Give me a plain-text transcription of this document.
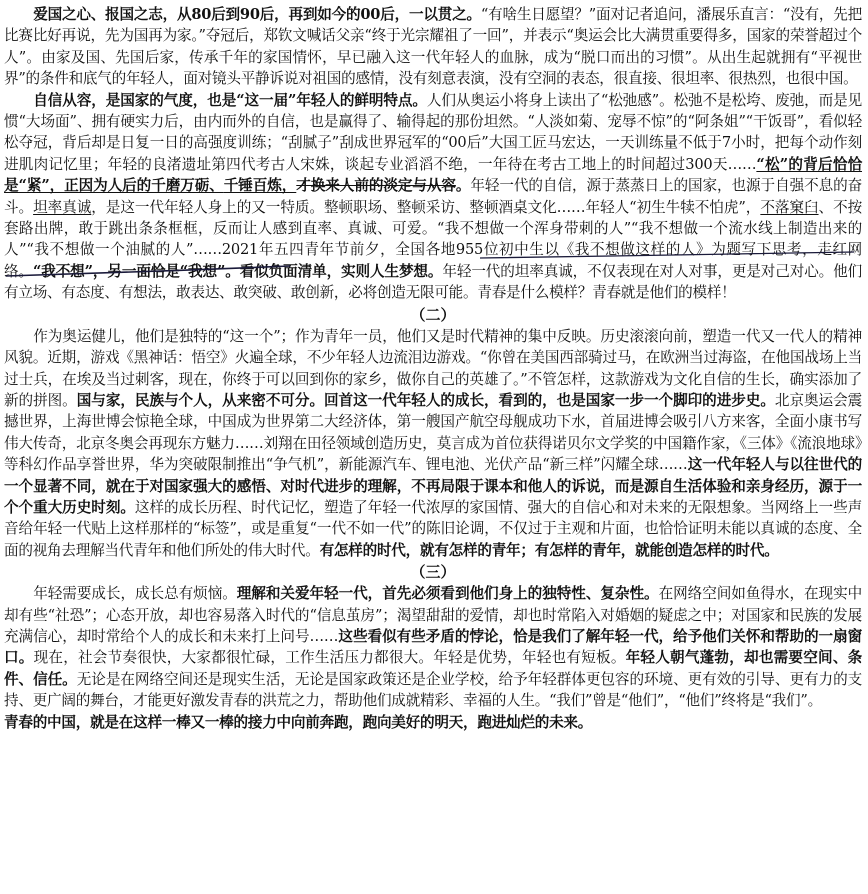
爱国之心、报国之志，从80后到90后，再到如今的00后，一以贯之。“有啥生日愿望？”面对记者追问，潘展乐直言：“没有，先把比赛比好再说，先为国再为家。”夺冠后，郑钦文喊话父亲“终于光宗耀祖了一回”，并表示“奥运会比大满贯重要得多，国家的荣誉超过个人”。由家及国、先国后家，传承千年的家国情怀，早已融入这一代年轻人的血脉，成为“脱口而出的习惯”。从出生起就拥有“平视世界”的条件和底气的年轻人，面对镜头平静诉说对祖国的感情，没有刻意表演，没有空洞的表态，很直接、很坦率、很热烈，也很中国。

自信从容，是国家的气度，也是“这一届”年轻人的鲜明特点。人们从奥运小将身上读出了“松弛感”。松弛不是松垮、废弛，而是见惯“大场面”、拥有硬实力后，由内而外的自信，也是赢得了、输得起的那份坦然。“人淡如菊、宠辱不惊”的“阿条姐”“干饭哥”，看似轻松夺冠，背后却是日复一日的高强度训练；“刮腻子”刮成世界冠军的“00后”大国工匠马宏达，一天训练量不低于7小时，把每个动作刻进肌肉记忆里；年轻的良渚遗址第四代考古人宋姝，谈起专业滔滔不绝，一年待在考古工地上的时间超过300天……“松”的背后恰恰是“紧”，正因为人后的千磨万砺、千锤百炼，才换来人前的淡定与从容。年轻一代的自信，源于蒸蒸日上的国家，也源于自强不息的奋斗。坦率真诚，是这一代年轻人身上的又一特质。整顿职场、整顿采访、整顿酒桌文化……年轻人“初生牛犊不怕虎”，不落窠臼、不按套路出牌，敢于跳出条条框框，反而让人感到直率、真诚、可爱。“我不想做一个浑身带刺的人”“我不想做一个流水线上制造出来的人”“我不想做一个油腻的人”……2021年五四青年节前夕，全国各地955位初中生以《我不想做这样的人》为题写下思考，走红网络。“我不想”，另一面恰是“我想”。看似负面清单，实则人生梦想。年轻一代的坦率真诚，不仅表现在对人对事，更是对己对心。他们有立场、有态度、有想法，敢表达、敢突破、敢创新，必将创造无限可能。青春是什么模样？青春就是他们的模样！

（二）

作为奥运健儿，他们是独特的“这一个”；作为青年一员，他们又是时代精神的集中反映。历史滚滚向前，塑造一代又一代人的精神风貌。近期，游戏《黑神话：悟空》火遍全球，不少年轻人边流泪边游戏。“你曾在美国西部骑过马，在欧洲当过海盗，在他国战场上当过士兵，在埃及当过刺客，现在，你终于可以回到你的家乡，做你自己的英雄了。”不管怎样，这款游戏为文化自信的生长，确实添加了新的拼图。国与家，民族与个人，从来密不可分。回首这一代年轻人的成长，看到的，也是国家一步一个脚印的进步史。北京奥运会震撼世界，上海世博会惊艳全球，中国成为世界第二大经济体，第一艘国产航空母舰成功下水，首届进博会吸引八方来客，全面小康书写伟大传奇，北京冬奥会再现东方魅力……刘翔在田径领域创造历史，莫言成为首位获得诺贝尔文学奖的中国籍作家，《三体》《流浪地球》等科幻作品享誉世界，华为突破限制推出“争气机”，新能源汽车、锂电池、光伏产品“新三样”闪耀全球……这一代年轻人与以往世代的一个显著不同，就在于对国家强大的感悟、对时代进步的理解，不再局限于课本和他人的诉说，而是源自生活体验和亲身经历，源于一个个重大历史时刻。这样的成长历程、时代记忆，塑造了年轻一代浓厚的家国情、强大的自信心和对未来的无限想象。当网络上一些声音给年轻一代贴上这样那样的“标签”，或是重复“一代不如一代”的陈旧论调，不仅过于主观和片面，也恰恰证明未能以真诚的态度、全面的视角去理解当代青年和他们所处的伟大时代。有怎样的时代，就有怎样的青年；有怎样的青年，就能创造怎样的时代。

（三）

年轻需要成长，成长总有烦恼。理解和关爱年轻一代，首先必须看到他们身上的独特性、复杂性。在网络空间如鱼得水，在现实中却有些“社恐”；心态开放，却也容易落入时代的“信息茧房”；渴望甜甜的爱情，却也时常陷入对婚姻的疑虑之中；对国家和民族的发展充满信心，却时常给个人的成长和未来打上问号……这些看似有些矛盾的悖论，恰是我们了解年轻一代，给予他们关怀和帮助的一扇窗口。现在，社会节奏很快，大家都很忙碌，工作生活压力都很大。年轻是优势，年轻也有短板。年轻人朝气蓬勃，却也需要空间、条件、信任。无论是在网络空间还是现实生活，无论是国家政策还是企业学校，给予年轻群体更包容的环境、更有效的引导、更有力的支持、更广阔的舞台，才能更好激发青春的洪荒之力，帮助他们成就精彩、幸福的人生。“我们”曾是“他们”，“他们”终将是“我们”。

青春的中国，就是在这样一棒又一棒的接力中向前奔跑，跑向美好的明天，跑进灿烂的未来。
